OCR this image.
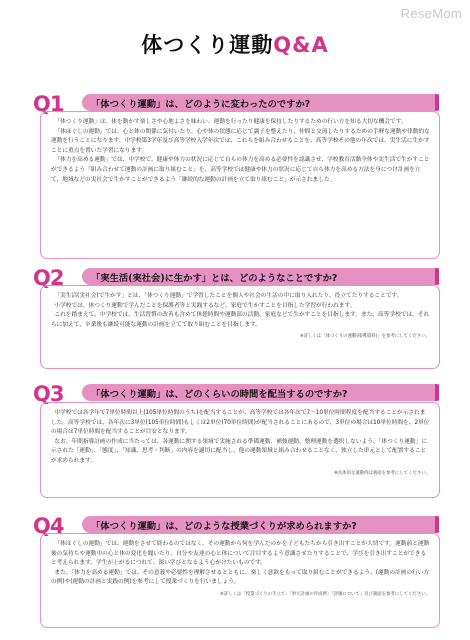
ReseMom
体つくり運動Q&A
Q1	「体つくり運動」は、どのように変わったのですか?

「体つくり運動」は、体を動かす楽しさや心地よさを味わい、運動を行ったり健康を保持したりするための行い方を知る大切な機会です。

「体ほぐしの運動」では、心と体の関係に気付いたり、心や体の状態に応じて調子を整えたり、仲間と交流したりするための手軽な運動や律動的な運動を行うことになります。中学校第3学年及び高等学校入学年次では、これらを組み合わせることを、高等学校その他の年次では、実生活に生かすことに重点を置いた学習になります。

「体力を高める運動」では、中学校で、健康や体力の状況に応じて自らの体力を高める必要性を認識させ、学校教育活動全体や実生活で生かすことができるよう「組み合わせて運動の計画に取り組むこと」を、高等学校では健康や体力の状況に応じて自ら体力を高める方法を身につけ計画を立て、地域などの実社会で生かすことができるよう「継続的な運動の計画を立て取り組むこと」が示されました。

Q2	「実生活(実社会)に生かす」とは、どのようなことですか?

「実生活(実社会)で生かす」とは、「体つくり運動」で学習したことを個人や社会の生活の中に取り入れたり、役立てたりすることです。

小学校では、体つくり運動で学んだことを保護者等と実践するなど、家庭で生かすことを目指した学習が行われます。

これを踏まえて、中学校では、生活習慣の改善も含めて休憩時間や運動部の活動、家庭などで生かすことを目指します。また、高等学校では、それらに加えて、卒業後も継続可能な運動の計画を立てて取り組むことを目指します。

※詳しくは「体づくりの運動(指導資料)」を参考にしてください。
Q3	「体つくり運動」は、どのくらいの時間を配当するのですか?

中学校では各学年で7単位時間以上(105単位時間のうち)を配当することが、高等学校では各年次で7〜10単位時間程度を配当することが示されました。高等学校では、各年次に3単位(105単位時間)もしくは2単位(70単位時間)が配当されることにあるので、3単位の場合は10単位時間を、2単位の場合は7単位時間を配当することが目安となります。

なお、年間指導計画の作成に当たっては、各運動に関する領域で実施される準備運動、補強運動、整理運動を選択しないよう、「体つくり運動」に示された「運動」、「態度」、「知識、思考・判断」の内容を適切に配当し、他の運動領域と組み合わせることなく、独立した単元として配置することが求められます。

※具体的な運動例は裏面を参考にしてください。
Q4	「体つくり運動」は、どのような授業づくりが求められますか?

「体ほぐしの運動」では、運動をさせて終わるのではなく、その運動から何を学んだのかを子どもたちから引き出すことが大切です。運動前と運動後の気持ちや運動中の心と体の変化を聞いたり、自分や友達の心と体について注目するよう意識させたりすることで、学びを引き出すことができると考えられます。学生が上がるにつれて、深い学びとなるよう心がけたいものです。

また、「体力を高める運動」では、その意義や必要性を理解させるとともに、楽しく意欲をもって取り組むことができるよう、(運動の計画の行い方の例)や(運動の計画と実践の例)を参考にして授業づくりを行いましょう。

※詳しくは「授業づくりの手立て」「単元計画の作成例」「評価について」及び裏面を参考にしてください。
